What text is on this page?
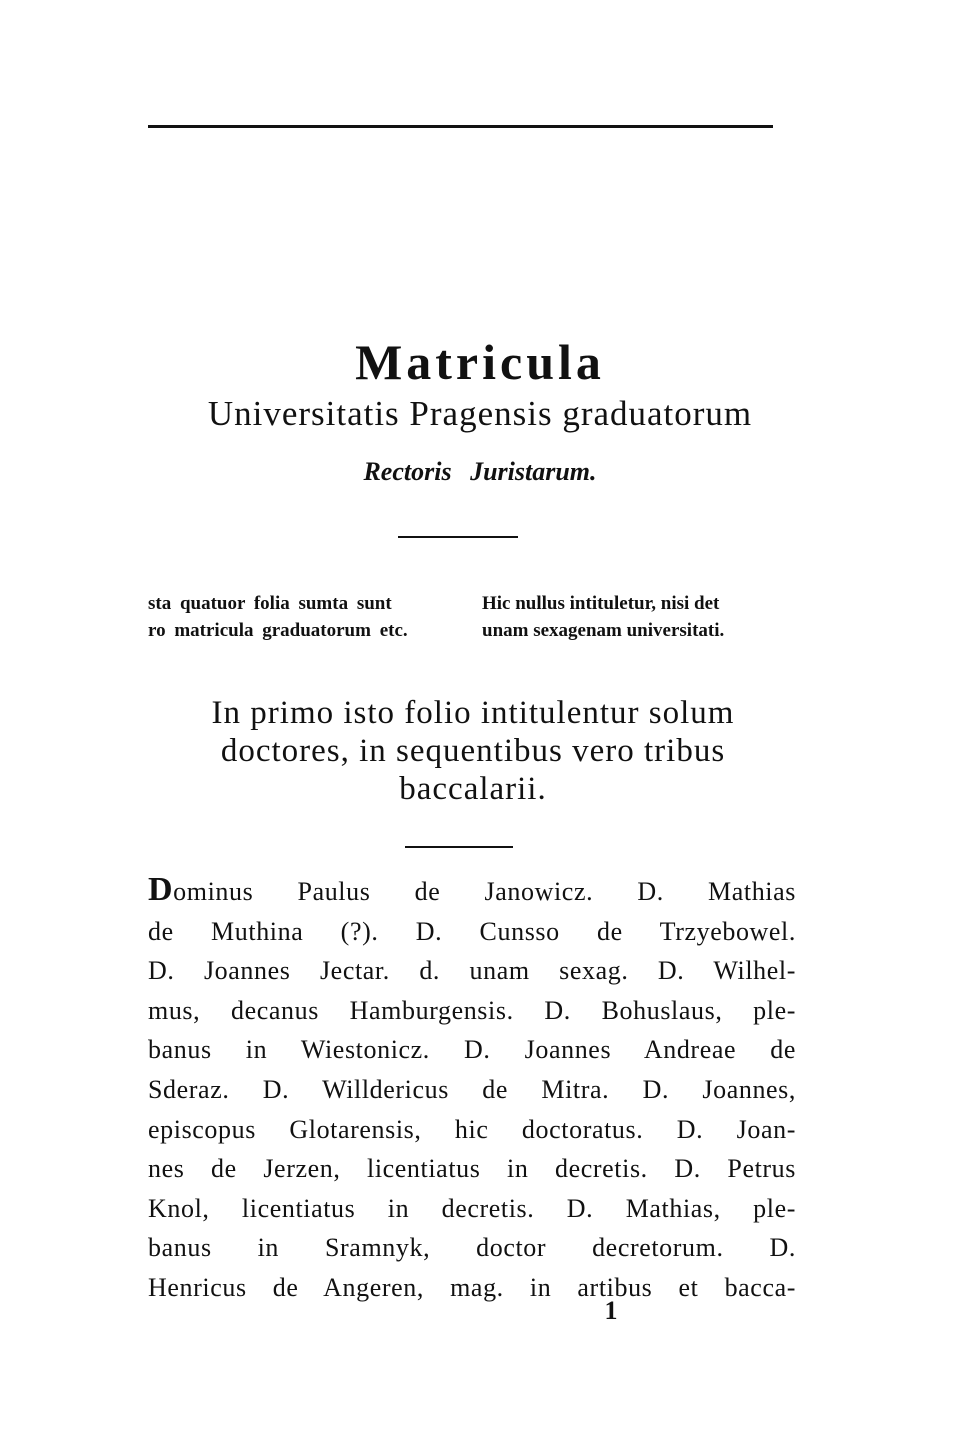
Matricula
Universitatis Pragensis graduatorum
Rectoris Juristarum.
sta quatuor folia sumta sunt
ro matricula graduatorum etc.
Hic nullus intituletur, nisi det
unam sexagenam universitati.
In primo isto folio intitulentur solum
doctores, in sequentibus vero tribus
baccalarii.
Dominus Paulus de Janowicz. D. Mathias
de Muthina (?). D. Cunsso de Trzyebowel.
D. Joannes Jectar. d. unam sexag. D. Wilhel-
mus, decanus Hamburgensis. D. Bohuslaus, ple-
banus in Wiestonicz. D. Joannes Andreae de
Sderaz. D. Willdericus de Mitra. D. Joannes,
episcopus Glotarensis, hic doctoratus. D. Joan-
nes de Jerzen, licentiatus in decretis. D. Petrus
Knol, licentiatus in decretis. D. Mathias, ple-
banus in Sramnyk, doctor decretorum. D.
Henricus de Angeren, mag. in artibus et bacca-
1
